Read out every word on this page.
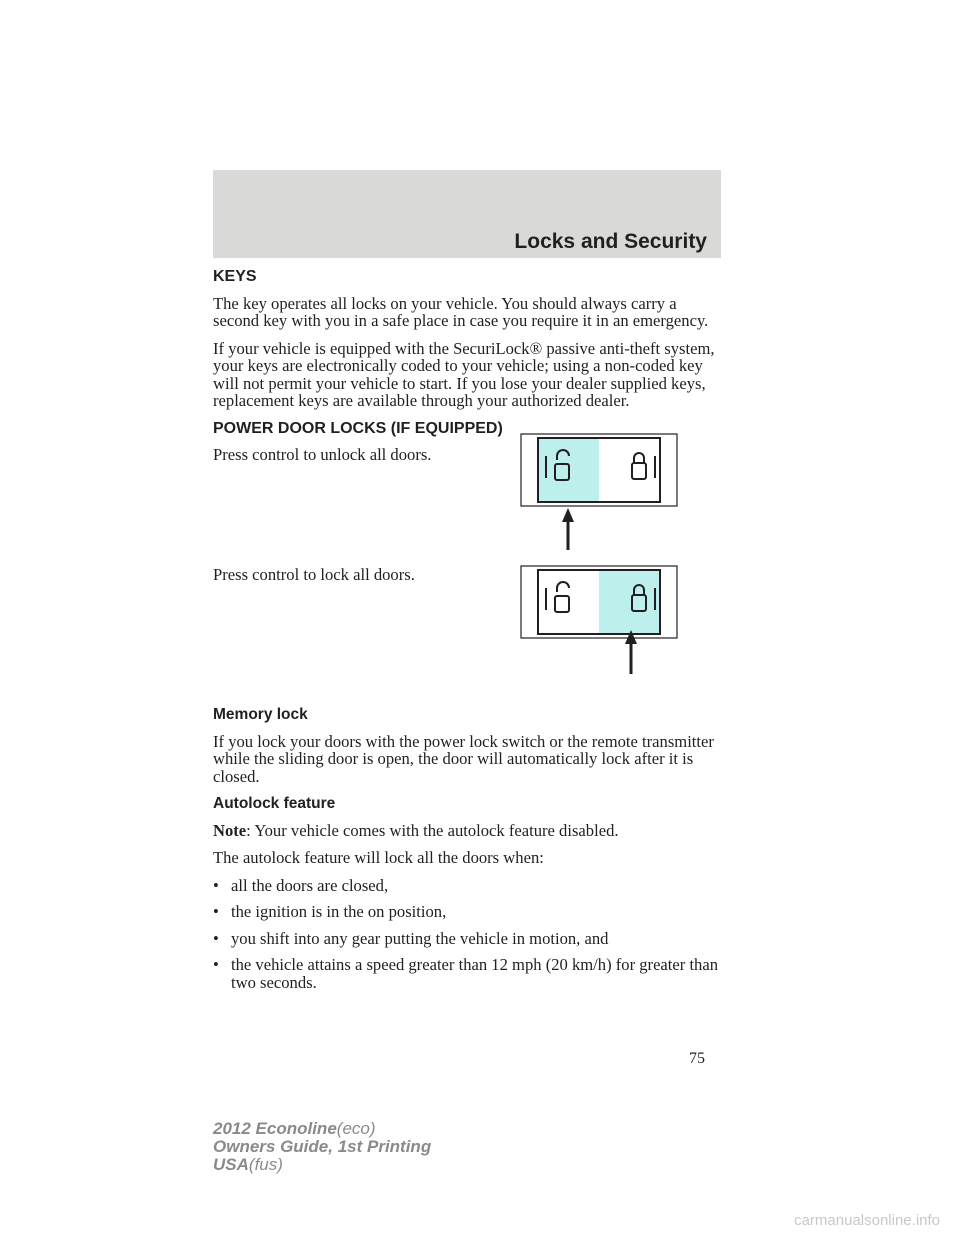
Locks and Security
KEYS

The key operates all locks on your vehicle. You should always carry a second key with you in a safe place in case you require it in an emergency.

If your vehicle is equipped with the SecuriLock® passive anti-theft system, your keys are electronically coded to your vehicle; using a non-coded key will not permit your vehicle to start. If you lose your dealer supplied keys, replacement keys are available through your authorized dealer.

POWER DOOR LOCKS (IF EQUIPPED)

Press control to unlock all doors.

Press control to lock all doors.

Memory lock

If you lock your doors with the power lock switch or the remote transmitter while the sliding door is open, the door will automatically lock after it is closed.

Autolock feature

Note: Your vehicle comes with the autolock feature disabled.

The autolock feature will lock all the doors when:

• all the doors are closed,
• the ignition is in the on position,
• you shift into any gear putting the vehicle in motion, and
• the vehicle attains a speed greater than 12 mph (20 km/h) for greater than two seconds.
75
2012 Econoline(eco)
Owners Guide, 1st Printing
USA(fus)
carmanualsonline.info
